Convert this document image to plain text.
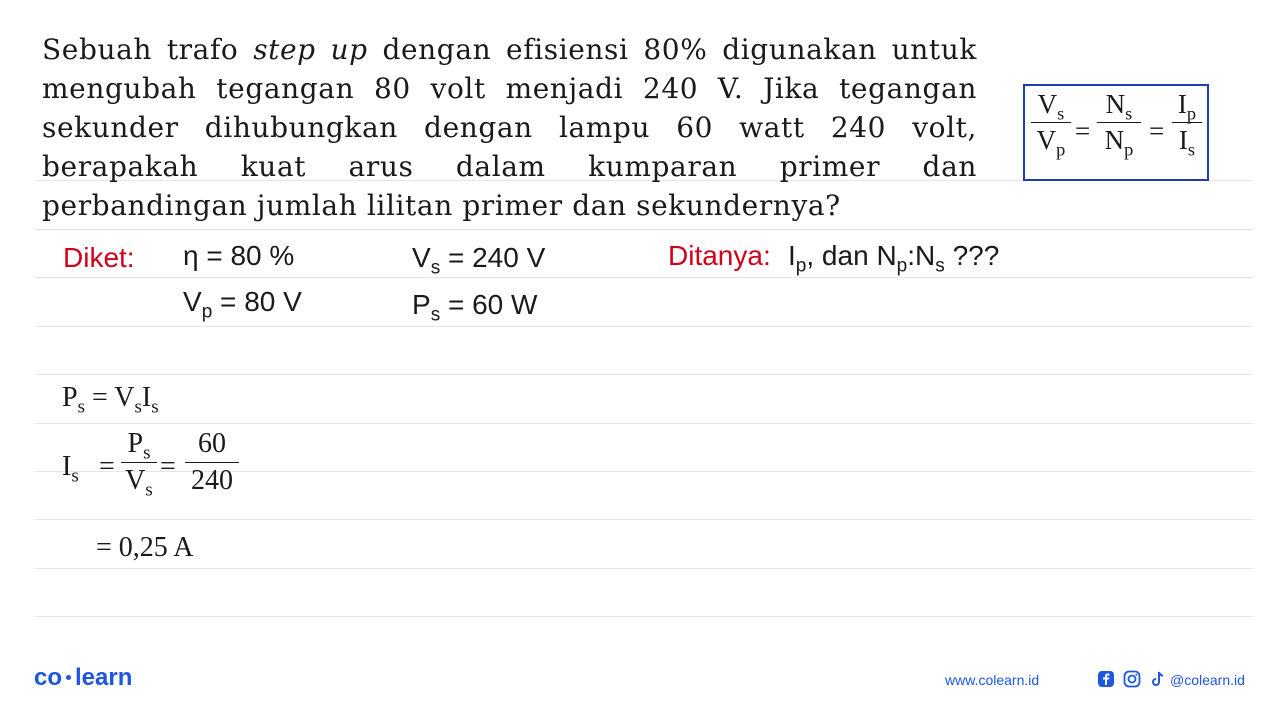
Sebuah trafo step up dengan efisiensi 80% digunakan untuk mengubah tegangan 80 volt menjadi 240 V. Jika tegangan sekunder dihubungkan dengan lampu 60 watt 240 volt, berapakah kuat arus dalam kumparan primer dan perbandingan jumlah lilitan primer dan sekundernya?
$V_s$
$V_p$
=
$N_s$
$N_p$
=
$I_p$
$I_s$
Diket: η = 80 %	$V_s = 240$ V
$V_p = 80$ V	$P_s = 60$ W
Ditanya: $I_p$, dan $N_p:N_s$ ???
$P_s = V_sI_s$
$I_s$ =
$P_s$
$V_s$
=
60
240
= 0,25 A
co learn	www.colearn.id	@colearn.id
